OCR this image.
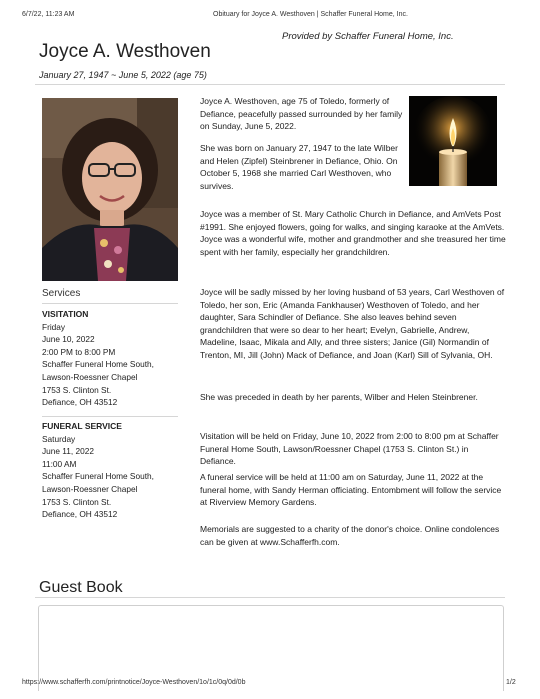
6/7/22, 11:23 AM	Obituary for Joyce A. Westhoven | Schaffer Funeral Home, Inc.
Provided by Schaffer Funeral Home, Inc.
Joyce A. Westhoven
January 27, 1947 ~ June 5, 2022 (age 75)
Services
VISITATION
Friday
June 10, 2022
2:00 PM to 8:00 PM
Schaffer Funeral Home South,
Lawson-Roessner Chapel
1753 S. Clinton St.
Defiance, OH 43512
FUNERAL SERVICE
Saturday
June 11, 2022
11:00 AM
Schaffer Funeral Home South,
Lawson-Roessner Chapel
1753 S. Clinton St.
Defiance, OH 43512

Joyce A. Westhoven, age 75 of Toledo, formerly of Defiance, peacefully passed surrounded by her family on Sunday, June 5, 2022.

She was born on January 27, 1947 to the late Wilber and Helen (Zipfel) Steinbrener in Defiance, Ohio. On October 5, 1968 she married Carl Westhoven, who survives.

Joyce was a member of St. Mary Catholic Church in Defiance, and AmVets Post #1991. She enjoyed flowers, going for walks, and singing karaoke at the AmVets. Joyce was a wonderful wife, mother and grandmother and she treasured her time spent with her family, especially her grandchildren.

Joyce will be sadly missed by her loving husband of 53 years, Carl Westhoven of Toledo, her son, Eric (Amanda Fankhauser) Westhoven of Toledo, and her daughter, Sara Schindler of Defiance. She also leaves behind seven grandchildren that were so dear to her heart; Evelyn, Gabrielle, Andrew, Madeline, Isaac, Mikala and Ally, and three sisters; Janice (Gil) Normandin of Trenton, MI, Jill (John) Mack of Defiance, and Joan (Karl) Sill of Sylvania, OH.

She was preceded in death by her parents, Wilber and Helen Steinbrener.

Visitation will be held on Friday, June 10, 2022 from 2:00 to 8:00 pm at Schaffer Funeral Home South, Lawson/Roessner Chapel (1753 S. Clinton St.) in Defiance.

A funeral service will be held at 11:00 am on Saturday, June 11, 2022 at the funeral home, with Sandy Herman officiating. Entombment will follow the service at Riverview Memory Gardens.

Memorials are suggested to a charity of the donor's choice. Online condolences can be given at www.Schafferfh.com.

Guest Book
https://www.schafferfh.com/printnotice/Joyce-Westhoven/1o/1c/0q/0d/0b	1/2
